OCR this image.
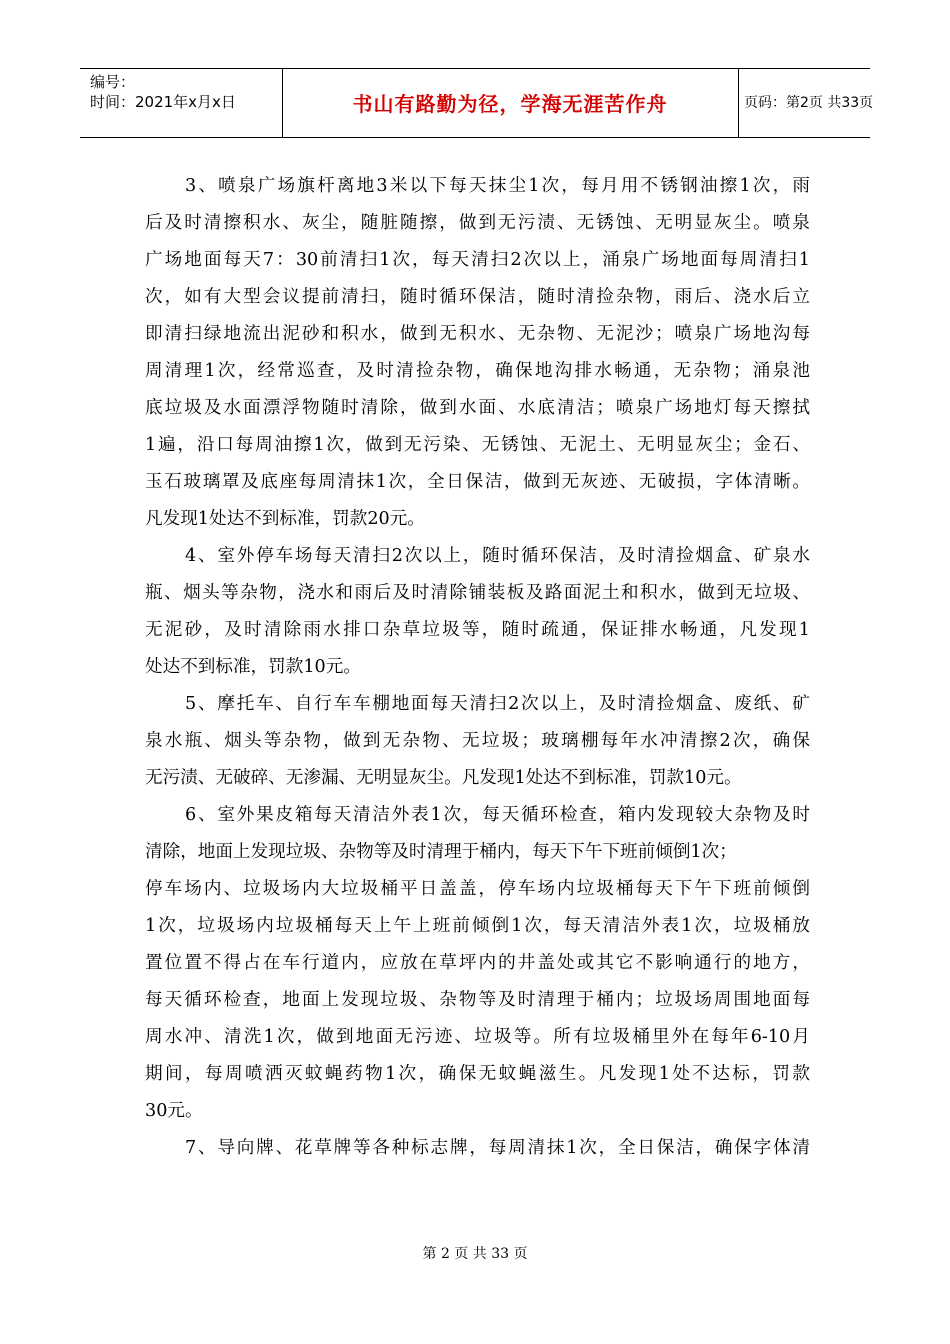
编号：
时间：2021年x月x日	书山有路勤为径，学海无涯苦作舟	页码：第2页 共33页
3、喷泉广场旗杆离地3米以下每天抹尘1次，每月用不锈钢油擦1次，雨
后及时清擦积水、灰尘，随脏随擦，做到无污渍、无锈蚀、无明显灰尘。喷泉
广场地面每天7：30前清扫1次，每天清扫2次以上，涌泉广场地面每周清扫1
次，如有大型会议提前清扫，随时循环保洁，随时清捡杂物，雨后、浇水后立
即清扫绿地流出泥砂和积水，做到无积水、无杂物、无泥沙；喷泉广场地沟每
周清理1次，经常巡查，及时清捡杂物，确保地沟排水畅通，无杂物；涌泉池
底垃圾及水面漂浮物随时清除，做到水面、水底清洁；喷泉广场地灯每天擦拭
1遍，沿口每周油擦1次，做到无污染、无锈蚀、无泥土、无明显灰尘；金石、
玉石玻璃罩及底座每周清抹1次，全日保洁，做到无灰迹、无破损，字体清晰。
凡发现1处达不到标准，罚款20元。
4、室外停车场每天清扫2次以上，随时循环保洁，及时清捡烟盒、矿泉水
瓶、烟头等杂物，浇水和雨后及时清除铺装板及路面泥土和积水，做到无垃圾、
无泥砂，及时清除雨水排口杂草垃圾等，随时疏通，保证排水畅通，凡发现1
处达不到标准，罚款10元。
5、摩托车、自行车车棚地面每天清扫2次以上，及时清捡烟盒、废纸、矿
泉水瓶、烟头等杂物，做到无杂物、无垃圾；玻璃棚每年水冲清擦2次，确保
无污渍、无破碎、无渗漏、无明显灰尘。凡发现1处达不到标准，罚款10元。
6、室外果皮箱每天清洁外表1次，每天循环检查，箱内发现较大杂物及时
清除，地面上发现垃圾、杂物等及时清理于桶内，每天下午下班前倾倒1次；
停车场内、垃圾场内大垃圾桶平日盖盖，停车场内垃圾桶每天下午下班前倾倒
1次，垃圾场内垃圾桶每天上午上班前倾倒1次，每天清洁外表1次，垃圾桶放
置位置不得占在车行道内，应放在草坪内的井盖处或其它不影响通行的地方，
每天循环检查，地面上发现垃圾、杂物等及时清理于桶内；垃圾场周围地面每
周水冲、清洗1次，做到地面无污迹、垃圾等。所有垃圾桶里外在每年6-10月
期间，每周喷洒灭蚊蝇药物1次，确保无蚊蝇滋生。凡发现1处不达标，罚款
30元。
7、导向牌、花草牌等各种标志牌，每周清抹1次，全日保洁，确保字体清
第 2 页 共 33 页
